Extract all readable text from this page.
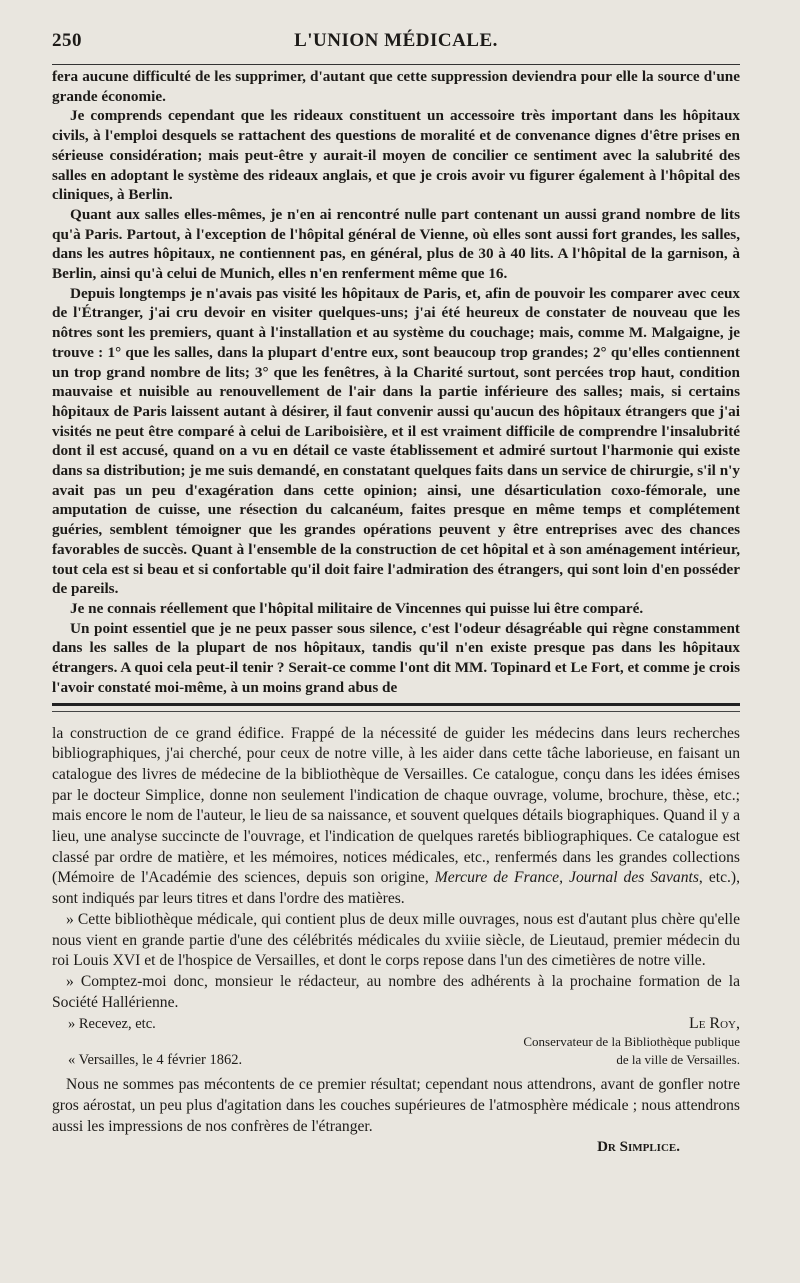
250	L'UNION MÉDICALE.

fera aucune difficulté de les supprimer, d'autant que cette suppression deviendra pour elle la source d'une grande économie.

Je comprends cependant que les rideaux constituent un accessoire très important dans les hôpitaux civils, à l'emploi desquels se rattachent des questions de moralité et de convenance dignes d'être prises en sérieuse considération; mais peut-être y aurait-il moyen de concilier ce sentiment avec la salubrité des salles en adoptant le système des rideaux anglais, et que je crois avoir vu figurer également à l'hôpital des cliniques, à Berlin.

Quant aux salles elles-mêmes, je n'en ai rencontré nulle part contenant un aussi grand nombre de lits qu'à Paris. Partout, à l'exception de l'hôpital général de Vienne, où elles sont aussi fort grandes, les salles, dans les autres hôpitaux, ne contiennent pas, en général, plus de 30 à 40 lits. A l'hôpital de la garnison, à Berlin, ainsi qu'à celui de Munich, elles n'en renferment même que 16.

Depuis longtemps je n'avais pas visité les hôpitaux de Paris, et, afin de pouvoir les comparer avec ceux de l'Étranger, j'ai cru devoir en visiter quelques-uns; j'ai été heureux de constater de nouveau que les nôtres sont les premiers, quant à l'installation et au système du couchage; mais, comme M. Malgaigne, je trouve : 1° que les salles, dans la plupart d'entre eux, sont beaucoup trop grandes; 2° qu'elles contiennent un trop grand nombre de lits; 3° que les fenêtres, à la Charité surtout, sont percées trop haut, condition mauvaise et nuisible au renouvellement de l'air dans la partie inférieure des salles; mais, si certains hôpitaux de Paris laissent autant à désirer, il faut convenir aussi qu'aucun des hôpitaux étrangers que j'ai visités ne peut être comparé à celui de Lariboisière, et il est vraiment difficile de comprendre l'insalubrité dont il est accusé, quand on a vu en détail ce vaste établissement et admiré surtout l'harmonie qui existe dans sa distribution; je me suis demandé, en constatant quelques faits dans un service de chirurgie, s'il n'y avait pas un peu d'exagération dans cette opinion; ainsi, une désarticulation coxo-fémorale, une amputation de cuisse, une résection du calcanéum, faites presque en même temps et complétement guéries, semblent témoigner que les grandes opérations peuvent y être entreprises avec des chances favorables de succès. Quant à l'ensemble de la construction de cet hôpital et à son aménagement intérieur, tout cela est si beau et si confortable qu'il doit faire l'admiration des étrangers, qui sont loin d'en posséder de pareils.

Je ne connais réellement que l'hôpital militaire de Vincennes qui puisse lui être comparé.

Un point essentiel que je ne peux passer sous silence, c'est l'odeur désagréable qui règne constamment dans les salles de la plupart de nos hôpitaux, tandis qu'il n'en existe presque pas dans les hôpitaux étrangers. A quoi cela peut-il tenir ? Serait-ce comme l'ont dit MM. Topinard et Le Fort, et comme je crois l'avoir constaté moi-même, à un moins grand abus de

la construction de ce grand édifice. Frappé de la nécessité de guider les médecins dans leurs recherches bibliographiques, j'ai cherché, pour ceux de notre ville, à les aider dans cette tâche laborieuse, en faisant un catalogue des livres de médecine de la bibliothèque de Versailles. Ce catalogue, conçu dans les idées émises par le docteur Simplice, donne non seulement l'indication de chaque ouvrage, volume, brochure, thèse, etc.; mais encore le nom de l'auteur, le lieu de sa naissance, et souvent quelques détails biographiques. Quand il y a lieu, une analyse succincte de l'ouvrage, et l'indication de quelques raretés bibliographiques. Ce catalogue est classé par ordre de matière, et les mémoires, notices médicales, etc., renfermés dans les grandes collections (Mémoire de l'Académie des sciences, depuis son origine, Mercure de France, Journal des Savants, etc.), sont indiqués par leurs titres et dans l'ordre des matières.

» Cette bibliothèque médicale, qui contient plus de deux mille ouvrages, nous est d'autant plus chère qu'elle nous vient en grande partie d'une des célébrités médicales du xviiie siècle, de Lieutaud, premier médecin du roi Louis XVI et de l'hospice de Versailles, et dont le corps repose dans l'un des cimetières de notre ville.

» Comptez-moi donc, monsieur le rédacteur, au nombre des adhérents à la prochaine formation de la Société Hallérienne.

» Recevez, etc.
« Versailles, le 4 février 1862.
Le Roy,
Conservateur de la Bibliothèque publique
de la ville de Versailles.

Nous ne sommes pas mécontents de ce premier résultat; cependant nous attendrons, avant de gonfler notre gros aérostat, un peu plus d'agitation dans les couches supérieures de l'atmosphère médicale ; nous attendrons aussi les impressions de nos confrères de l'étranger.

Dr Simplice.
